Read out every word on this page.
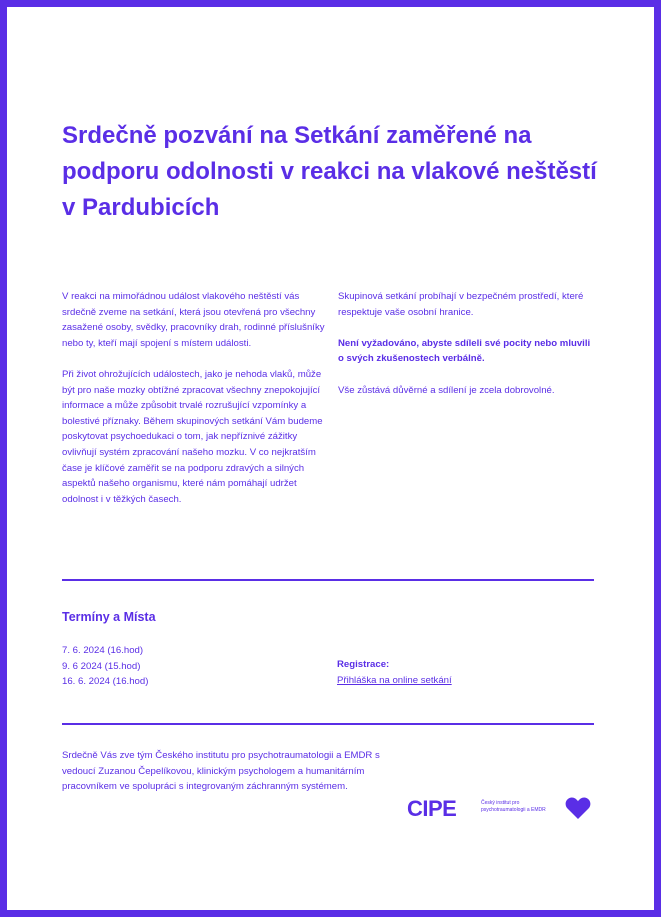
Srdečně pozvání na Setkání zaměřené na podporu odolnosti v reakci na vlakové neštěstí v Pardubicích

V reakci na mimořádnou událost vlakového neštěstí vás srdečně zveme na setkání, která jsou otevřená pro všechny zasažené osoby, svědky, pracovníky drah, rodinné příslušníky nebo ty, kteří mají spojení s místem události.

Při život ohrožujících událostech, jako je nehoda vlaků, může být pro naše mozky obtížné zpracovat všechny znepokojující informace a může způsobit trvalé rozrušující vzpomínky a bolestivé příznaky. Během skupinových setkání Vám budeme poskytovat psychoedukaci o tom, jak nepříznivé zážitky ovlivňují systém zpracování našeho mozku. V co nejkratším čase je klíčové zaměřit se na podporu zdravých a silných aspektů našeho organismu, které nám pomáhají udržet odolnost i v těžkých časech.

Skupinová setkání probíhají v bezpečném prostředí, které respektuje vaše osobní hranice.

Není vyžadováno, abyste sdíleli své pocity nebo mluvili o svých zkušenostech verbálně.

Vše zůstává důvěrné a sdílení je zcela dobrovolné.

Termíny a Místa
7. 6. 2024 (16.hod)
9. 6 2024 (15.hod)
16. 6. 2024 (16.hod)
Registrace:
Přihláška na online setkání

Srdečně Vás zve tým Českého institutu pro psychotraumatologii a EMDR s vedoucí Zuzanou Čepelíkovou, klinickým psychologem a humanitárním pracovníkem ve spolupráci s integrovaným záchranným systémem.

CIPE	Český institut pro psychotraumatologii a EMDR
